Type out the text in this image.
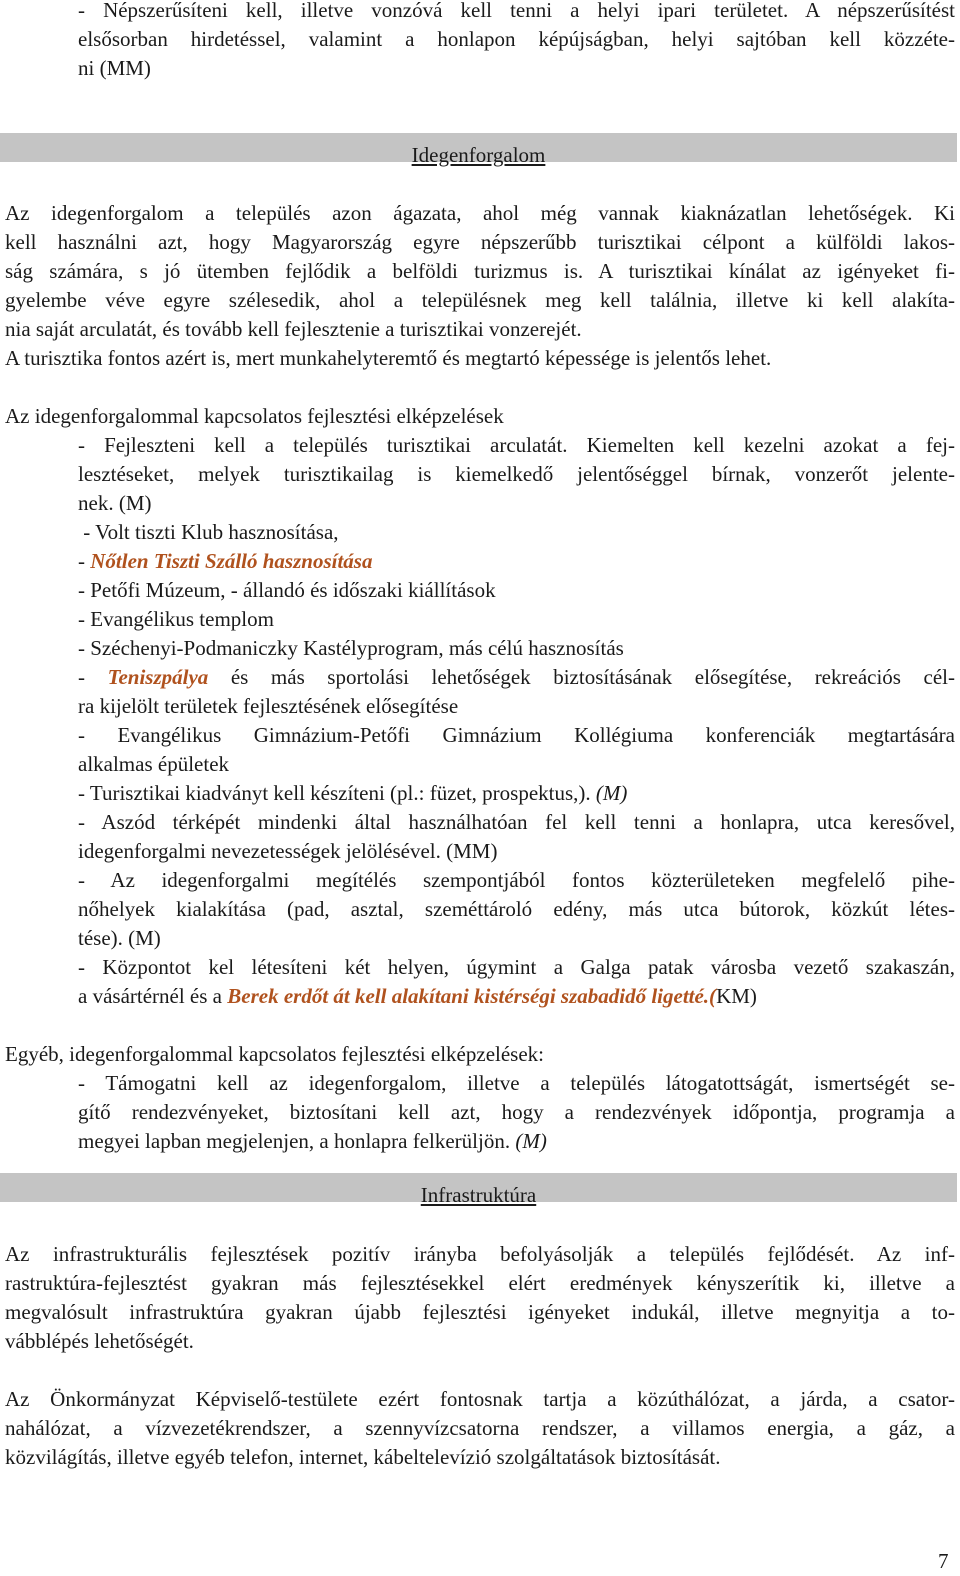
- Népszerűsíteni kell, illetve vonzóvá kell tenni a helyi ipari területet. A népszerűsítést
elsősorban hirdetéssel, valamint a honlapon képújságban, helyi sajtóban kell közzéte-
ni (MM)
Idegenforgalom
Az idegenforgalom a település azon ágazata, ahol még vannak kiaknázatlan lehetőségek. Ki
kell használni azt, hogy Magyarország egyre népszerűbb turisztikai célpont a külföldi lakos-
ság számára, s jó ütemben fejlődik a belföldi turizmus is. A turisztikai kínálat az igényeket fi-
gyelembe véve egyre szélesedik, ahol a településnek meg kell találnia, illetve ki kell alakíta-
nia saját arculatát, és tovább kell fejlesztenie a turisztikai vonzerejét.
A turisztika fontos azért is, mert munkahelyteremtő és megtartó képessége is jelentős lehet.
Az idegenforgalommal kapcsolatos fejlesztési elképzelések
- Fejleszteni kell a település turisztikai arculatát. Kiemelten kell kezelni azokat a fej-
lesztéseket, melyek turisztikailag is kiemelkedő jelentőséggel bírnak, vonzerőt jelente-
nek. (M)
- Volt tiszti Klub hasznosítása,
- Nőtlen Tiszti Szálló hasznosítása
- Petőfi Múzeum, - állandó és időszaki kiállítások
- Evangélikus templom
- Széchenyi-Podmaniczky Kastélyprogram, más célú hasznosítás
- Teniszpálya és más sportolási lehetőségek biztosításának elősegítése, rekreációs cél-
ra kijelölt területek fejlesztésének elősegítése
- Evangélikus Gimnázium-Petőfi Gimnázium Kollégiuma konferenciák megtartására
alkalmas épületek
- Turisztikai kiadványt kell készíteni (pl.: füzet, prospektus,). (M)
- Aszód térképét mindenki által használhatóan fel kell tenni a honlapra, utca keresővel,
idegenforgalmi nevezetességek jelölésével. (MM)
- Az idegenforgalmi megítélés szempontjából fontos közterületeken megfelelő pihe-
nőhelyek kialakítása (pad, asztal, szeméttároló edény, más utca bútorok, közkút létes-
tése). (M)
- Központot kel létesíteni két helyen, úgymint a Galga patak városba vezető szakaszán,
a vásártérnél és a Berek erdőt át kell alakítani kistérségi szabadidő ligetté.(KM)
Egyéb, idegenforgalommal kapcsolatos fejlesztési elképzelések:
- Támogatni kell az idegenforgalom, illetve a település látogatottságát, ismertségét se-
gítő rendezvényeket, biztosítani kell azt, hogy a rendezvények időpontja, programja a
megyei lapban megjelenjen, a honlapra felkerüljön. (M)
Infrastruktúra
Az infrastrukturális fejlesztések pozitív irányba befolyásolják a település fejlődését. Az inf-
rastruktúra-fejlesztést gyakran más fejlesztésekkel elért eredmények kényszerítik ki, illetve a
megvalósult infrastruktúra gyakran újabb fejlesztési igényeket indukál, illetve megnyitja a to-
vábblépés lehetőségét.
Az Önkormányzat Képviselő-testülete ezért fontosnak tartja a közúthálózat, a járda, a csator-
nahálózat, a vízvezetékrendszer, a szennyvízcsatorna rendszer, a villamos energia, a gáz, a
közvilágítás, illetve egyéb telefon, internet, kábeltelevízió szolgáltatások biztosítását.
7
